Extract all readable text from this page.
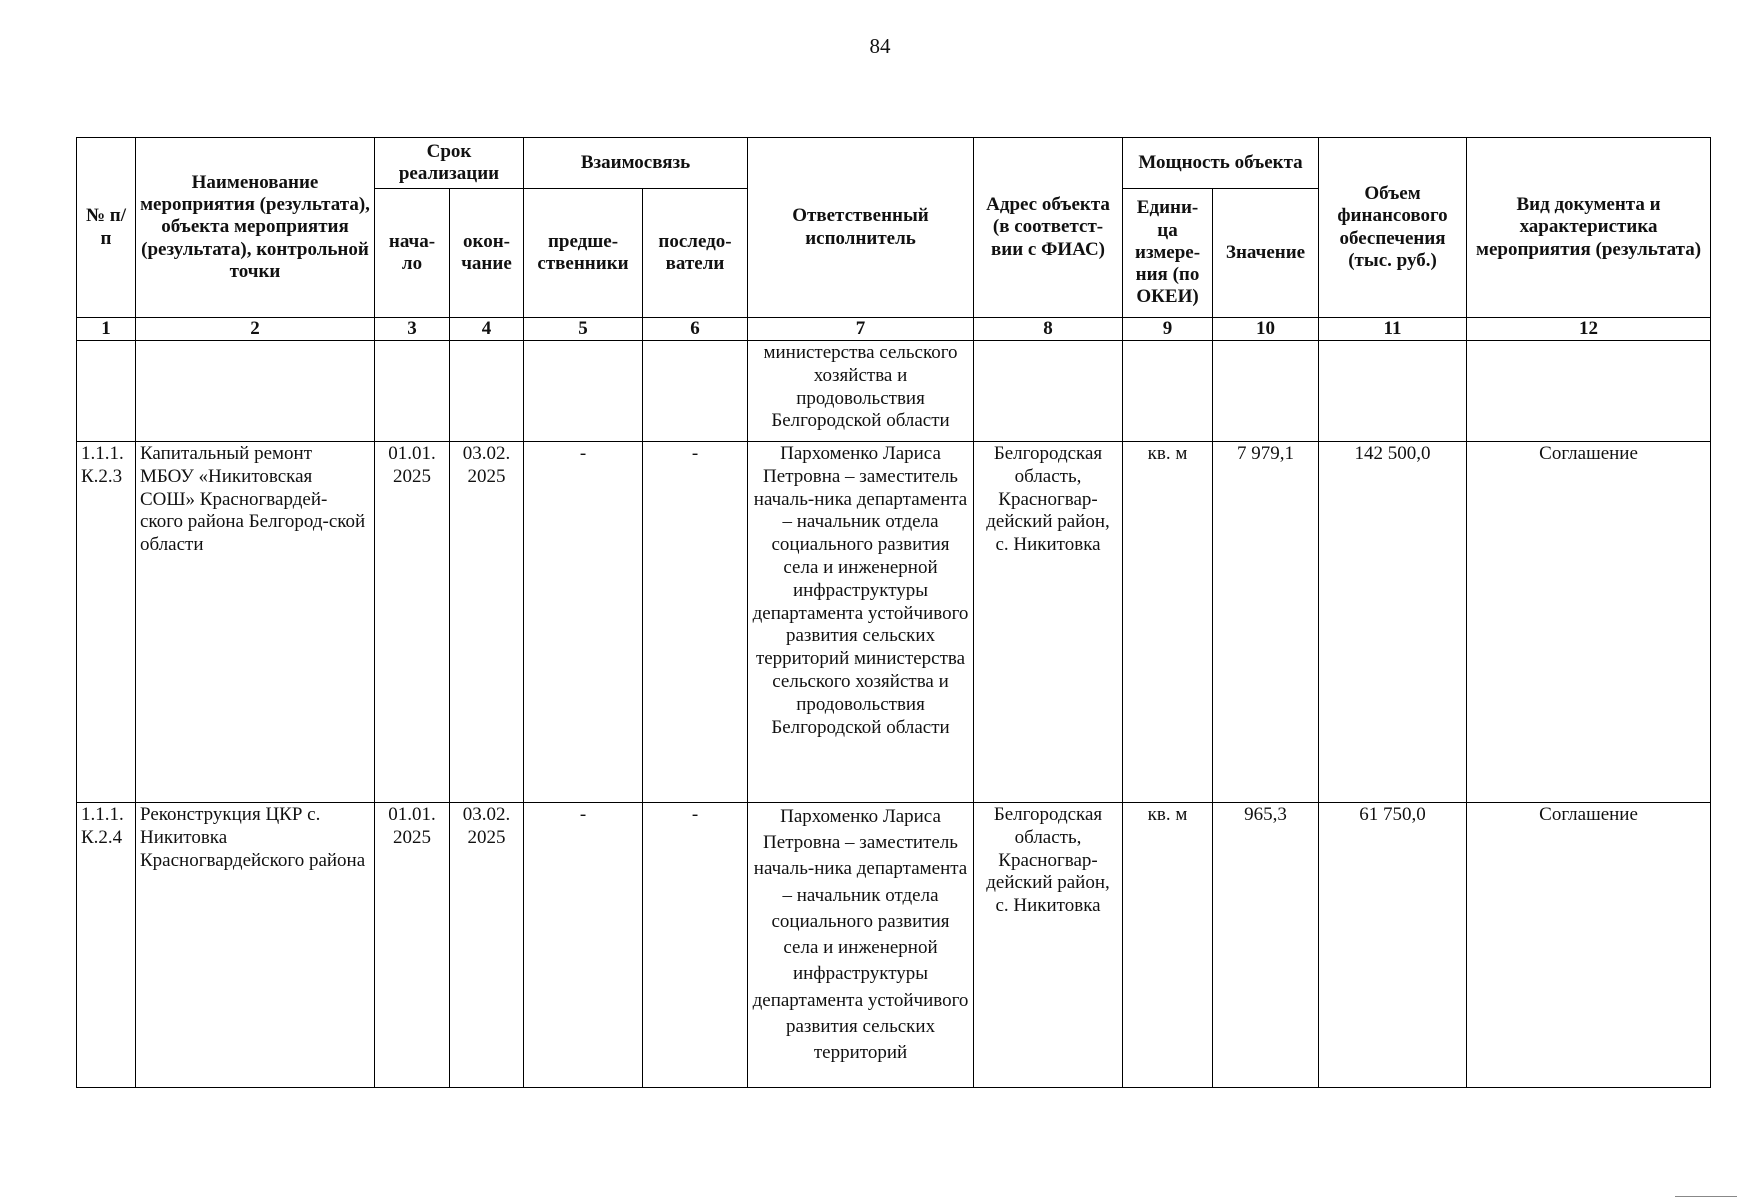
84
№ п/п	Наименование мероприятия (результата), объекта мероприятия (результата), контрольной точки	Срок реализации		Взаимосвязь		Ответственный исполнитель	Адрес объекта (в соответст-вии с ФИАС)	Мощность объекта		Объем финансового обеспечения (тыс. руб.)	Вид документа и характеристика мероприятия (результата)
		нача-ло	окон-чание	предше-ственники	последо-ватели			Едини-ца измере-ния (по ОКЕИ)	Значение		
1	2	3	4	5	6	7	8	9	10	11	12
						министерства сельского хозяйства и продовольствия Белгородской области					
1.1.1. К.2.3	Капитальный ремонт МБОУ «Никитовская СОШ» Красногвардей-ского района Белгород-ской области	01.01. 2025	03.02. 2025	-	-	Пархоменко Лариса Петровна – заместитель началь-ника департамента – начальник отдела социального развития села и инженерной инфраструктуры департамента устойчивого развития сельских территорий министерства сельского хозяйства и продовольствия Белгородской области	Белгородская область, Красногвар-дейский район, с. Никитовка	кв. м	7 979,1	142 500,0	Соглашение
1.1.1. К.2.4	Реконструкция ЦКР с. Никитовка Красногвардейского района	01.01. 2025	03.02. 2025	-	-	Пархоменко Лариса Петровна – заместитель началь-ника департамента – начальник отдела социального развития села и инженерной инфраструктуры департамента устойчивого развития сельских территорий	Белгородская область, Красногвар-дейский район, с. Никитовка	кв. м	965,3	61 750,0	Соглашение
